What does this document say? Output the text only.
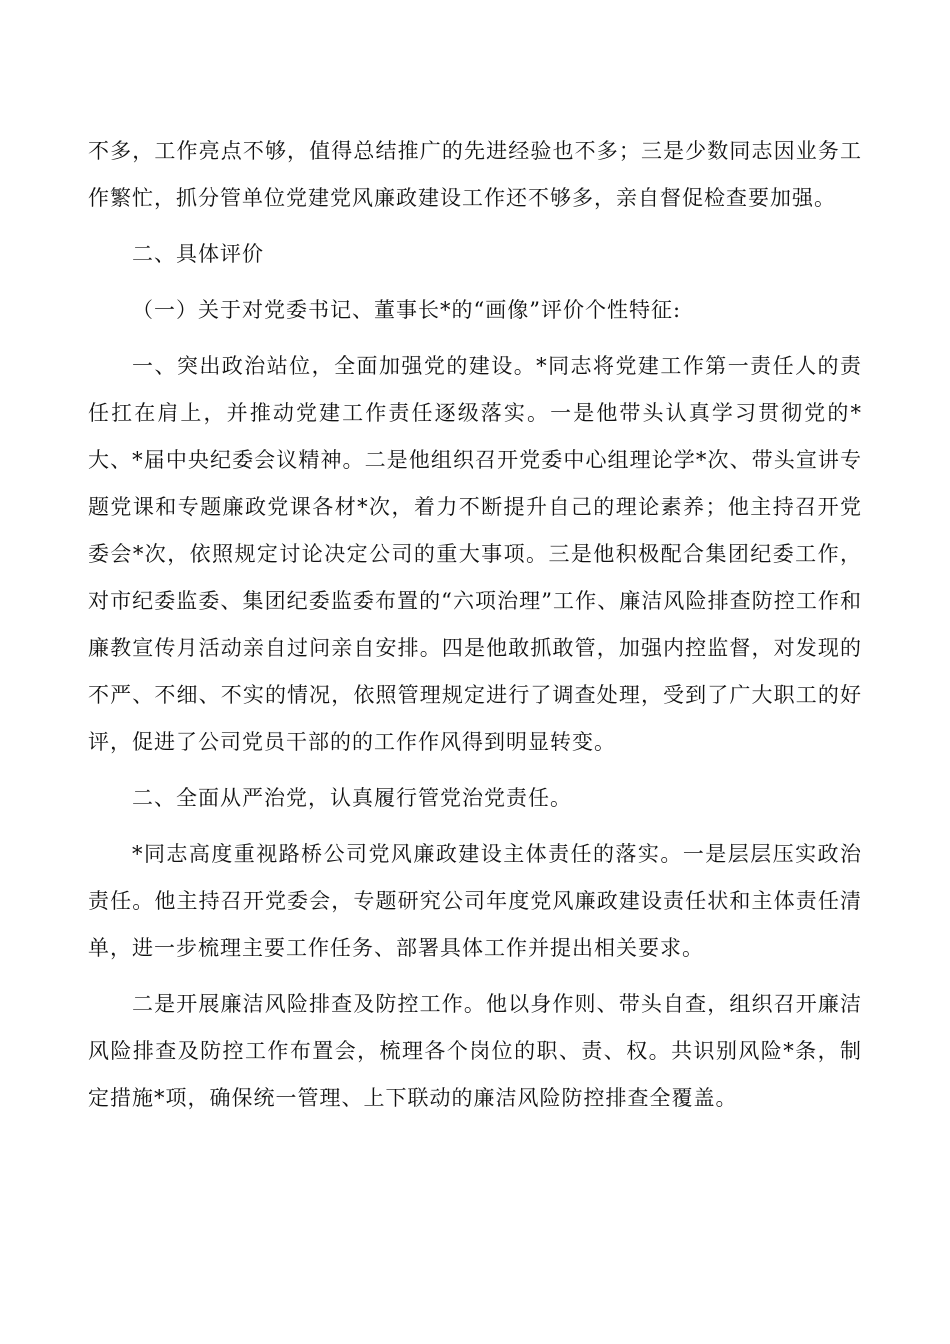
不多，工作亮点不够，值得总结推广的先进经验也不多；三是少数同志因业务工作繁忙，抓分管单位党建党风廉政建设工作还不够多，亲自督促检查要加强。

二、具体评价

（一）关于对党委书记、董事长*的“画像”评价个性特征:

一、突出政治站位，全面加强党的建设。*同志将党建工作第一责任人的责任扛在肩上，并推动党建工作责任逐级落实。一是他带头认真学习贯彻党的*大、*届中央纪委会议精神。二是他组织召开党委中心组理论学*次、带头宣讲专题党课和专题廉政党课各材*次，着力不断提升自己的理论素养；他主持召开党委会*次，依照规定讨论决定公司的重大事项。三是他积极配合集团纪委工作，对市纪委监委、集团纪委监委布置的“六项治理”工作、廉洁风险排查防控工作和廉教宣传月活动亲自过问亲自安排。四是他敢抓敢管，加强内控监督，对发现的不严、不细、不实的情况，依照管理规定进行了调查处理，受到了广大职工的好评，促进了公司党员干部的的工作作风得到明显转变。

二、全面从严治党，认真履行管党治党责任。

*同志高度重视路桥公司党风廉政建设主体责任的落实。一是层层压实政治责任。他主持召开党委会，专题研究公司年度党风廉政建设责任状和主体责任清单，进一步梳理主要工作任务、部署具体工作并提出相关要求。

二是开展廉洁风险排查及防控工作。他以身作则、带头自查，组织召开廉洁风险排查及防控工作布置会，梳理各个岗位的职、责、权。共识别风险*条，制定措施*项，确保统一管理、上下联动的廉洁风险防控排查全覆盖。
